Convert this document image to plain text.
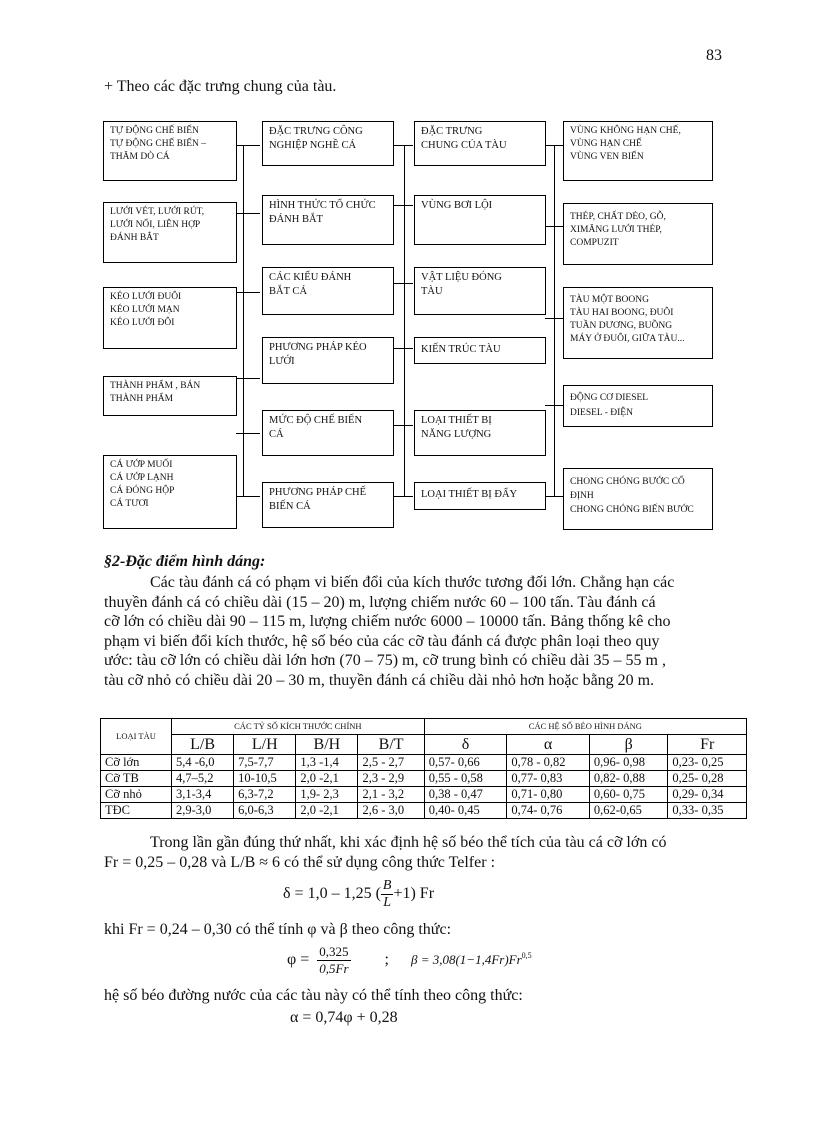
83
+ Theo các đặc trưng chung của tàu.
TỰ ĐỘNG CHẾ BIẾN
TỰ ĐỘNG CHẾ BIẾN –
THĂM DÒ CÁ
LƯỚI VÉT, LƯỚI RÚT,
LƯỚI NỔI, LIÊN HỢP
ĐÁNH BẮT
KÉO LƯỚI ĐUÔI
KÉO LƯỚI MẠN
KÉO LƯỚI ĐÔI
THÀNH PHẨM , BÁN
THÀNH PHẨM
CÁ ƯỚP MUỐI
CÁ ƯỚP LẠNH
CÁ ĐÓNG HỘP
CÁ TƯƠI
ĐẶC TRƯNG CÔNG
NGHIỆP NGHỀ CÁ
HÌNH THỨC TỔ CHỨC
ĐÁNH BẮT
CÁC KIỂU ĐÁNH
BẮT CÁ
PHƯƠNG PHÁP KÉO
LƯỚI
MỨC ĐỘ CHẾ BIẾN
CÁ
PHƯƠNG PHÁP CHẾ
BIẾN CÁ
ĐẶC TRƯNG
CHUNG CỦA TÀU
VÙNG BƠI LỘI
VẬT LIỆU ĐÓNG
TÀU
KIẾN TRÚC TÀU
LOẠI THIẾT BỊ
NĂNG LƯỢNG
LOẠI THIẾT BỊ ĐẨY
VÙNG KHÔNG HẠN CHẾ,
VÙNG HẠN CHẾ
VÙNG VEN BIỂN
THÉP, CHẤT DẺO, GỖ,
XIMĂNG LƯỚI THÉP,
COMPUZIT
TÀU MỘT BOONG
TÀU HAI BOONG, ĐUÔI
TUẦN DƯƠNG, BUỒNG
MÁY Ở ĐUÔI, GIỮA TÀU...
ĐỘNG CƠ DIESEL
DIESEL - ĐIỆN
CHONG CHÓNG BƯỚC CỐ
ĐỊNH
CHONG CHÓNG BIẾN BƯỚC
§2-Đặc điểm hình dáng:
Các tàu đánh cá có phạm vi biến đổi của kích thước tương đối lớn. Chẳng hạn các
thuyền đánh cá có chiều dài (15 – 20) m, lượng chiếm nước 60 – 100 tấn. Tàu đánh cá
cỡ lớn có chiều dài 90 – 115 m, lượng chiếm nước 6000 – 10000 tấn. Bảng thống kê cho
phạm vi biến đổi kích thước, hệ số béo của các cỡ tàu đánh cá được phân loại theo quy
ước: tàu cỡ lớn có chiều dài lớn hơn (70 – 75) m, cỡ trung bình có chiều dài 35 – 55 m ,
tàu cỡ nhỏ có chiều dài 20 – 30 m, thuyền đánh cá chiều dài nhỏ hơn hoặc bằng 20 m.
LOẠI TÀU	CÁC TỶ SỐ KÍCH THƯỚC CHÍNH				CÁC HỆ SỐ BÉO HÌNH DÁNG			
	L/B	L/H	B/H	B/T	δ	α	β	Fr
Cỡ lớn	5,4 -6,0	7,5-7,7	1,3 -1,4	2,5 - 2,7	0,57- 0,66	0,78 - 0,82	0,96- 0,98	0,23- 0,25
Cỡ TB	4,7–5,2	10-10,5	2,0 -2,1	2,3 - 2,9	0,55 - 0,58	0,77- 0,83	0,82- 0,88	0,25- 0,28
Cỡ nhỏ	3,1-3,4	6,3-7,2	1,9- 2,3	2,1 - 3,2	0,38 - 0,47	0,71- 0,80	0,60- 0,75	0,29- 0,34
TĐC	2,9-3,0	6,0-6,3	2,0 -2,1	2,6 - 3,0	0,40- 0,45	0,74- 0,76	0,62-0,65	0,33- 0,35
Trong lần gần đúng thứ nhất, khi xác định hệ số béo thể tích của tàu cá cỡ lớn có
Fr = 0,25 – 0,28 và L/B ≈ 6 có thể sử dụng công thức Telfer :
δ = 1,0 – 1,25 ( $\frac{B}{L} +1$) Fr
khi Fr = 0,24 – 0,30 có thể tính φ và β theo công thức:
$\varphi = \frac{0,325}{0,5Fr}$ ; β = 3,08(1−1,4Fr)Fr$^{0,5}$
hệ số béo đường nước của các tàu này có thể tính theo công thức:
α = 0,74φ + 0,28
